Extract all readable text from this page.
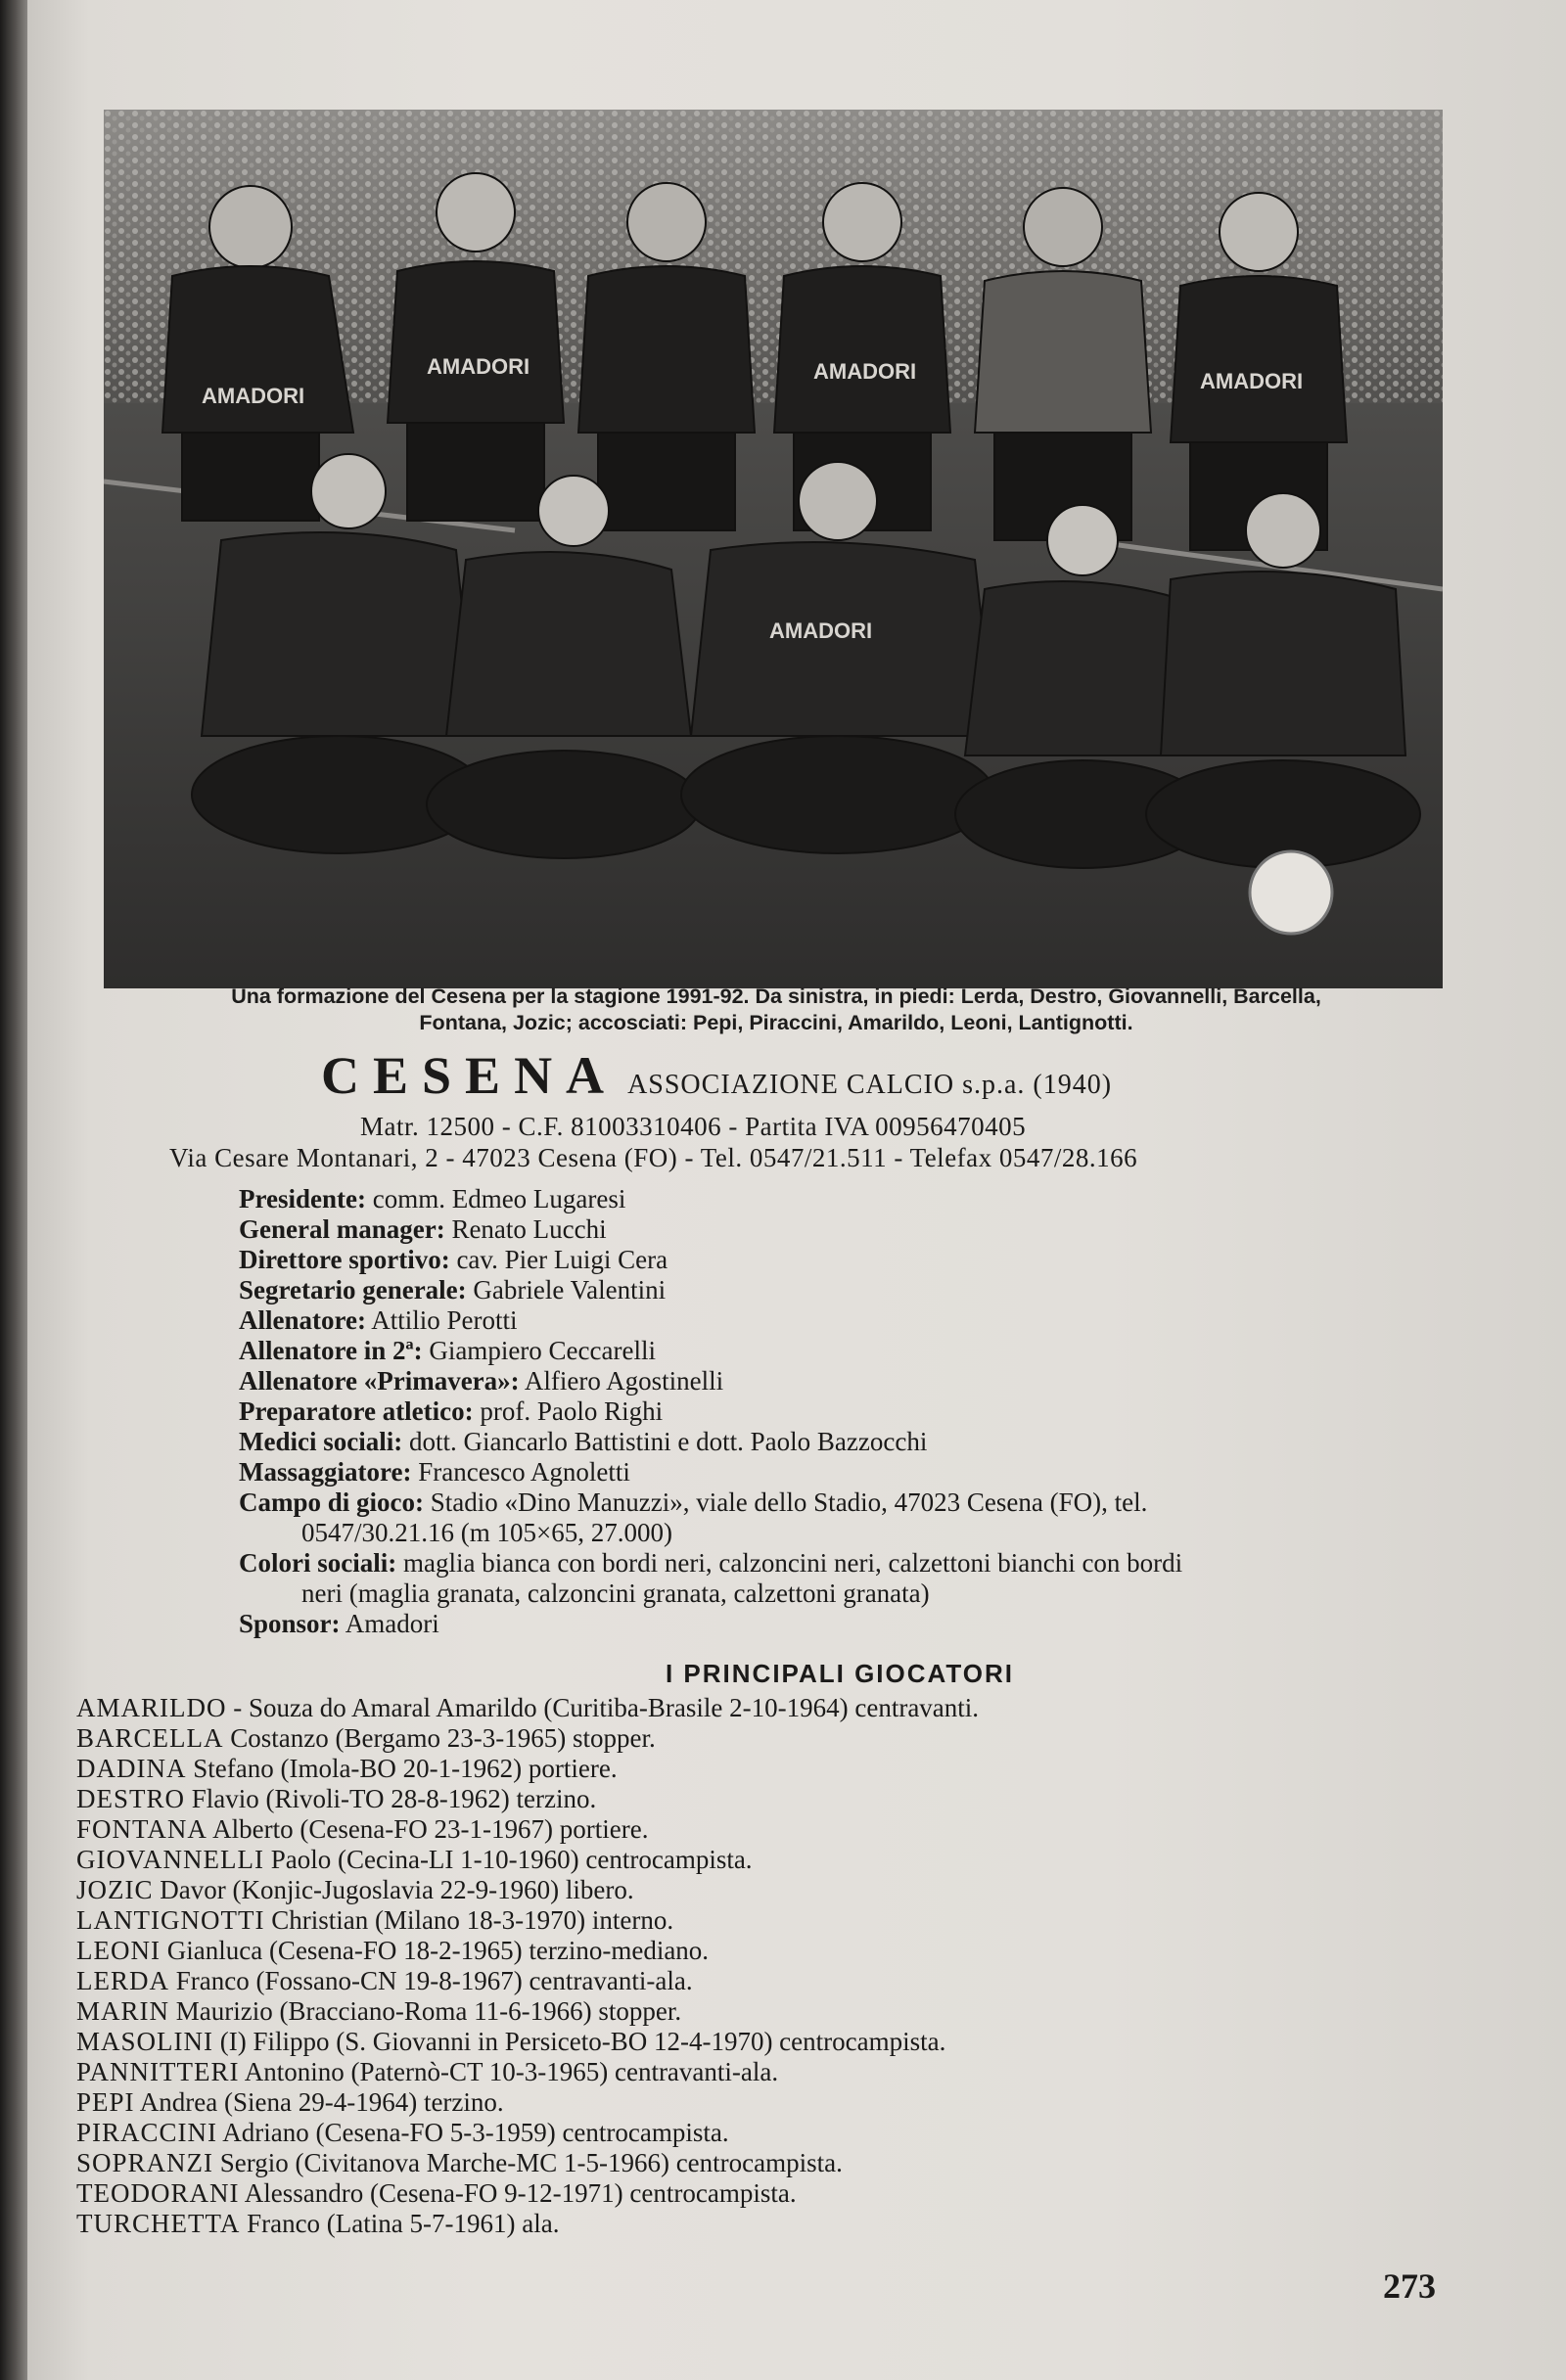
AMADORI
AMADORI	AMADORI	AMADORI
AMADORI
Una formazione del Cesena per la stagione 1991-92. Da sinistra, in piedi: Lerda, Destro, Giovannelli, Barcella,
Fontana, Jozic; accosciati: Pepi, Piraccini, Amarildo, Leoni, Lantignotti.
CESENA ASSOCIAZIONE CALCIO s.p.a. (1940)
Matr. 12500 - C.F. 81003310406 - Partita IVA 00956470405
Via Cesare Montanari, 2 - 47023 Cesena (FO) - Tel. 0547/21.511 - Telefax 0547/28.166
Presidente: comm. Edmeo Lugaresi
General manager: Renato Lucchi
Direttore sportivo: cav. Pier Luigi Cera
Segretario generale: Gabriele Valentini
Allenatore: Attilio Perotti
Allenatore in 2ª: Giampiero Ceccarelli
Allenatore «Primavera»: Alfiero Agostinelli
Preparatore atletico: prof. Paolo Righi
Medici sociali: dott. Giancarlo Battistini e dott. Paolo Bazzocchi
Massaggiatore: Francesco Agnoletti
Campo di gioco: Stadio «Dino Manuzzi», viale dello Stadio, 47023 Cesena (FO), tel.
0547/30.21.16 (m 105×65, 27.000)
Colori sociali: maglia bianca con bordi neri, calzoncini neri, calzettoni bianchi con bordi
neri (maglia granata, calzoncini granata, calzettoni granata)
Sponsor: Amadori
I PRINCIPALI GIOCATORI
AMARILDO - Souza do Amaral Amarildo (Curitiba-Brasile 2-10-1964) centravanti.
BARCELLA Costanzo (Bergamo 23-3-1965) stopper.
DADINA Stefano (Imola-BO 20-1-1962) portiere.
DESTRO Flavio (Rivoli-TO 28-8-1962) terzino.
FONTANA Alberto (Cesena-FO 23-1-1967) portiere.
GIOVANNELLI Paolo (Cecina-LI 1-10-1960) centrocampista.
JOZIC Davor (Konjic-Jugoslavia 22-9-1960) libero.
LANTIGNOTTI Christian (Milano 18-3-1970) interno.
LEONI Gianluca (Cesena-FO 18-2-1965) terzino-mediano.
LERDA Franco (Fossano-CN 19-8-1967) centravanti-ala.
MARIN Maurizio (Bracciano-Roma 11-6-1966) stopper.
MASOLINI (I) Filippo (S. Giovanni in Persiceto-BO 12-4-1970) centrocampista.
PANNITTERI Antonino (Paternò-CT 10-3-1965) centravanti-ala.
PEPI Andrea (Siena 29-4-1964) terzino.
PIRACCINI Adriano (Cesena-FO 5-3-1959) centrocampista.
SOPRANZI Sergio (Civitanova Marche-MC 1-5-1966) centrocampista.
TEODORANI Alessandro (Cesena-FO 9-12-1971) centrocampista.
TURCHETTA Franco (Latina 5-7-1961) ala.
273
